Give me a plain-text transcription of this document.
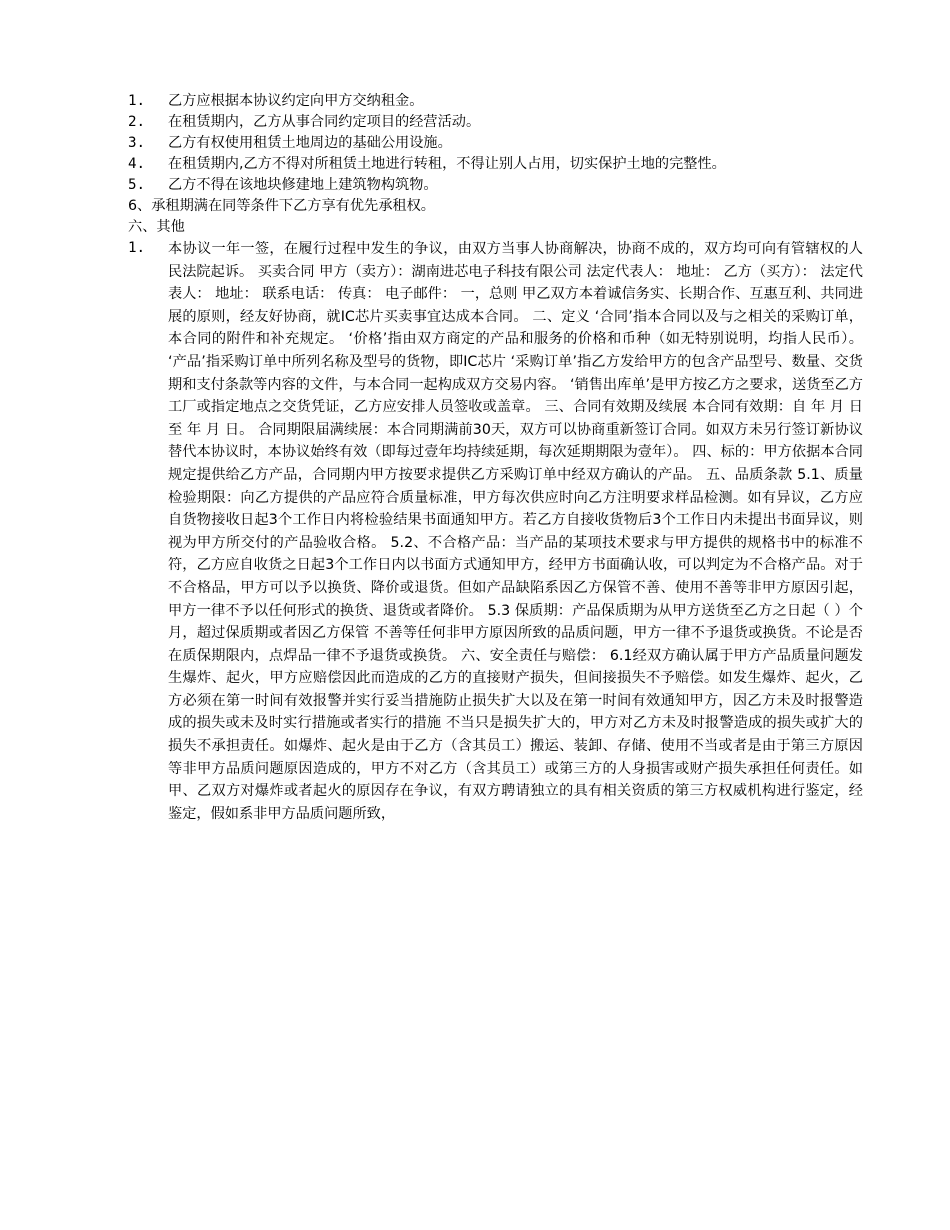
1.	乙方应根据本协议约定向甲方交纳租金。
2.	在租赁期内，乙方从事合同约定项目的经营活动。
3.	乙方有权使用租赁土地周边的基础公用设施。
4.	在租赁期内,乙方不得对所租赁土地进行转租，不得让别人占用，切实保护土地的完整性。
5.	乙方不得在该地块修建地上建筑物构筑物。
6、承租期满在同等条件下乙方享有优先承租权。
六、其他
1.	本协议一年一签，在履行过程中发生的争议，由双方当事人协商解决，协商不成的，双方均可向有管辖权的人民法院起诉。 买卖合同 甲方（卖方）：湖南进芯电子科技有限公司 法定代表人： 地址： 乙方（买方）： 法定代表人： 地址： 联系电话： 传真： 电子邮件： 一，总则 甲乙双方本着诚信务实、长期合作、互惠互利、共同进展的原则，经友好协商，就IC芯片买卖事宜达成本合同。 二、定义 ‘合同’指本合同以及与之相关的采购订单，本合同的附件和补充规定。 ‘价格’指由双方商定的产品和服务的价格和币种（如无特别说明，均指人民币）。 ‘产品’指采购订单中所列名称及型号的货物，即IC芯片 ‘采购订单’指乙方发给甲方的包含产品型号、数量、交货期和支付条款等内容的文件，与本合同一起构成双方交易内容。 ‘销售出库单’是甲方按乙方之要求，送货至乙方工厂或指定地点之交货凭证，乙方应安排人员签收或盖章。 三、合同有效期及续展 本合同有效期：自 年 月 日至 年 月 日。 合同期限届满续展：本合同期满前30天，双方可以协商重新签订合同。如双方未另行签订新协议替代本协议时，本协议始终有效（即每过壹年均持续延期，每次延期期限为壹年）。 四、标的：甲方依据本合同规定提供给乙方产品，合同期内甲方按要求提供乙方采购订单中经双方确认的产品。 五、品质条款 5.1、质量检验期限：向乙方提供的产品应符合质量标准，甲方每次供应时向乙方注明要求样品检测。如有异议，乙方应自货物接收日起3个工作日内将检验结果书面通知甲方。若乙方自接收货物后3个工作日内未提出书面异议，则视为甲方所交付的产品验收合格。 5.2、不合格产品：当产品的某项技术要求与甲方提供的规格书中的标准不符，乙方应自收货之日起3个工作日内以书面方式通知甲方，经甲方书面确认收，可以判定为不合格产品。对于不合格品，甲方可以予以换货、降价或退货。但如产品缺陷系因乙方保管不善、使用不善等非甲方原因引起，甲方一律不予以任何形式的换货、退货或者降价。 5.3 保质期：产品保质期为从甲方送货至乙方之日起（ ）个月，超过保质期或者因乙方保管 不善等任何非甲方原因所致的品质问题，甲方一律不予退货或换货。不论是否在质保期限内，点焊品一律不予退货或换货。 六、安全责任与赔偿： 6.1经双方确认属于甲方产品质量问题发生爆炸、起火，甲方应赔偿因此而造成的乙方的直接财产损失，但间接损失不予赔偿。如发生爆炸、起火，乙方必须在第一时间有效报警并实行妥当措施防止损失扩大以及在第一时间有效通知甲方，因乙方未及时报警造成的损失或未及时实行措施或者实行的措施 不当只是损失扩大的，甲方对乙方未及时报警造成的损失或扩大的损失不承担责任。如爆炸、起火是由于乙方（含其员工）搬运、装卸、存储、使用不当或者是由于第三方原因等非甲方品质问题原因造成的，甲方不对乙方（含其员工）或第三方的人身损害或财产损失承担任何责任。如甲、乙双方对爆炸或者起火的原因存在争议，有双方聘请独立的具有相关资质的第三方权威机构进行鉴定，经鉴定，假如系非甲方品质问题所致，
